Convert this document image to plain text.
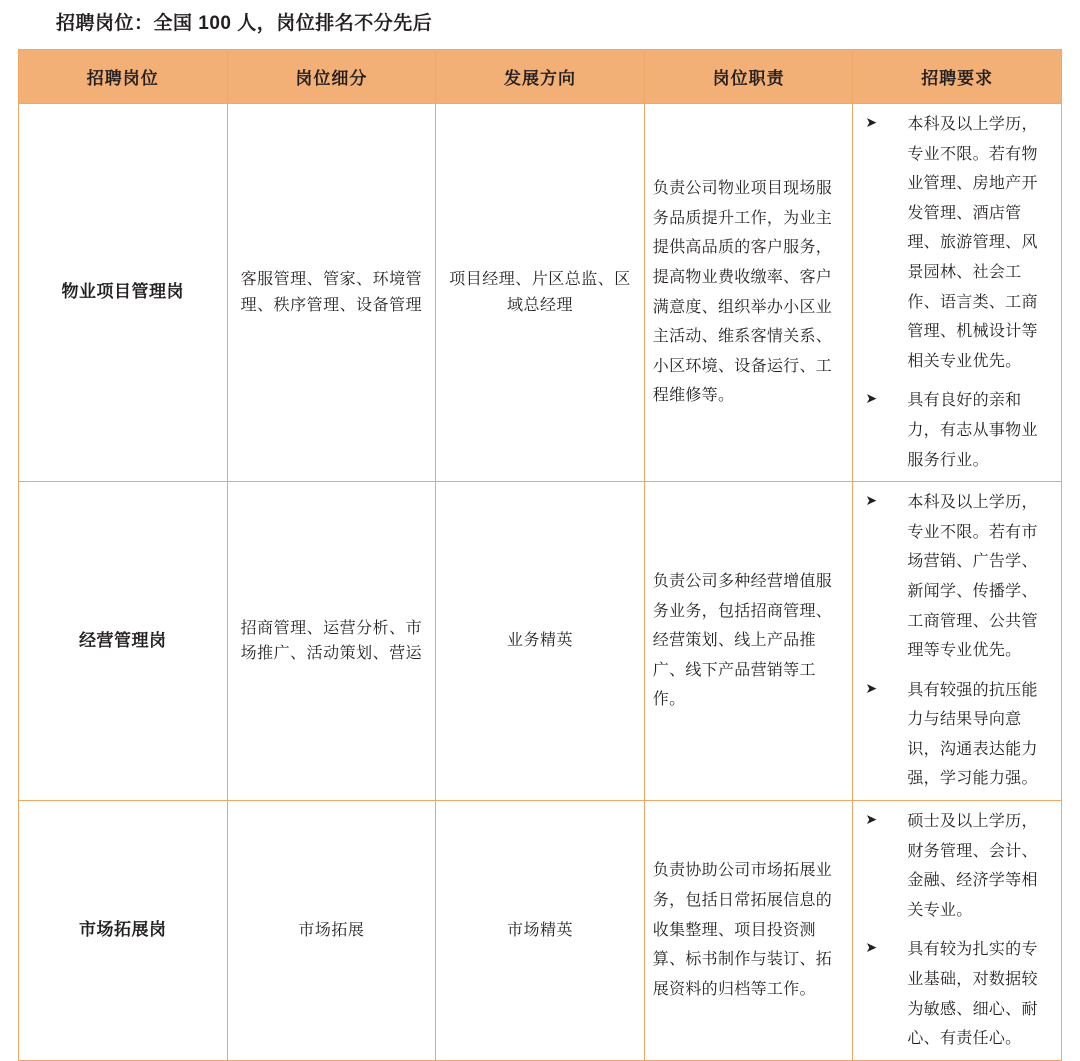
招聘岗位：全国 100 人，岗位排名不分先后
招聘岗位	岗位细分	发展方向	岗位职责	招聘要求
物业项目管理岗	客服管理、管家、环境管理、秩序管理、设备管理	项目经理、片区总监、区域总经理	负责公司物业项目现场服务品质提升工作，为业主提供高品质的客户服务，提高物业费收缴率、客户满意度、组织举办小区业主活动、维系客情关系、小区环境、设备运行、工程维修等。	
➤	本科及以上学历，专业不限。若有物业管理、房地产开发管理、酒店管理、旅游管理、风景园林、社会工作、语言类、工商管理、机械设计等相关专业优先。
➤	具有良好的亲和力，有志从事物业服务行业。

经营管理岗	招商管理、运营分析、市场推广、活动策划、营运	业务精英	负责公司多种经营增值服务业务，包括招商管理、经营策划、线上产品推广、线下产品营销等工作。	
➤	本科及以上学历，专业不限。若有市场营销、广告学、新闻学、传播学、工商管理、公共管理等专业优先。
➤	具有较强的抗压能力与结果导向意识，沟通表达能力强，学习能力强。

市场拓展岗	市场拓展	市场精英	负责协助公司市场拓展业务，包括日常拓展信息的收集整理、项目投资测算、标书制作与装订、拓展资料的归档等工作。	
➤	硕士及以上学历，财务管理、会计、金融、经济学等相关专业。
➤	具有较为扎实的专业基础，对数据较为敏感、细心、耐心、有责任心。
